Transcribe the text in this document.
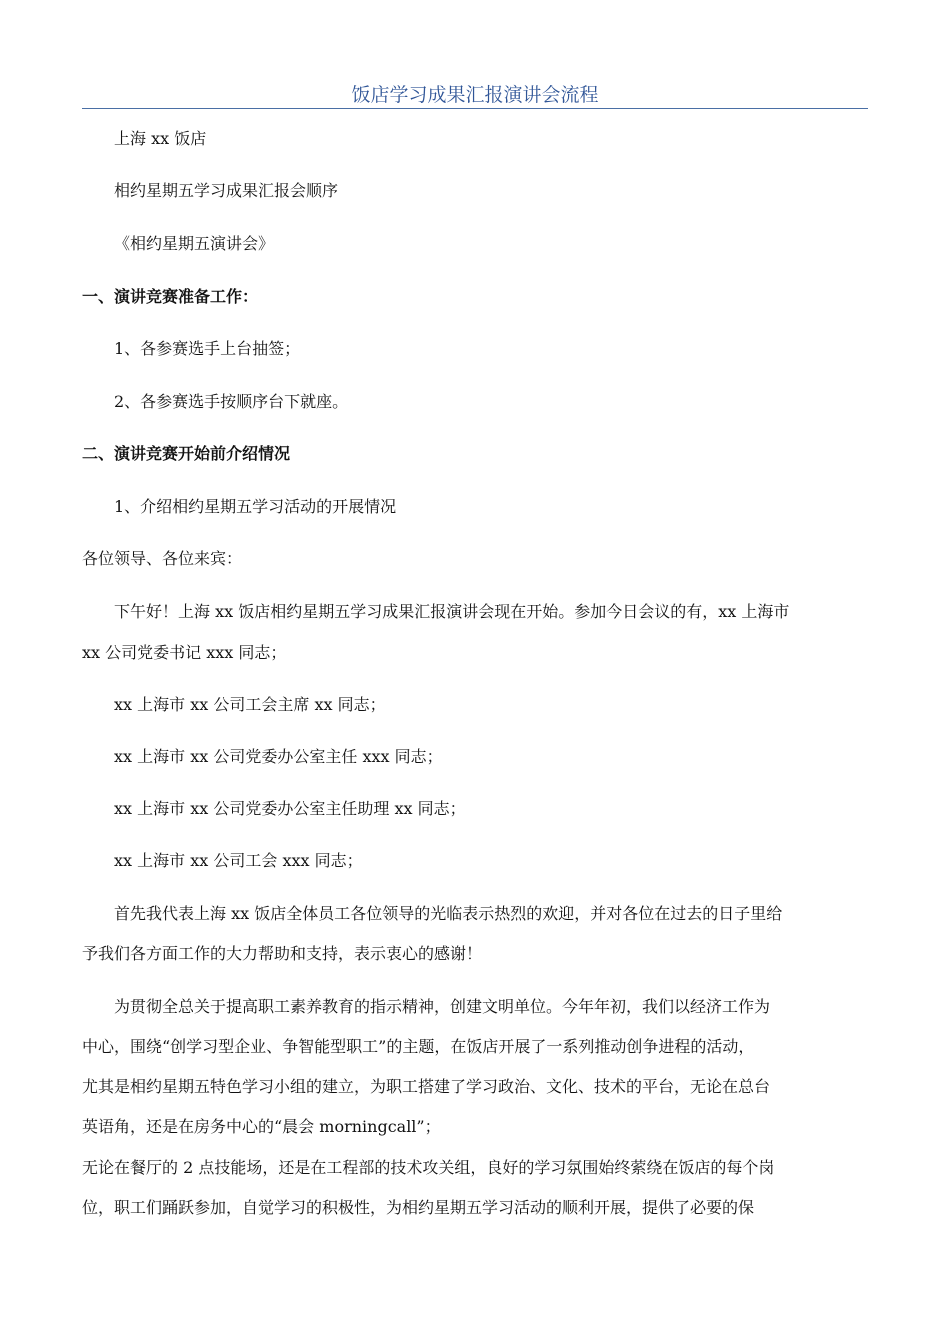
饭店学习成果汇报演讲会流程
上海 xx 饭店
相约星期五学习成果汇报会顺序
《相约星期五演讲会》
一、演讲竞赛准备工作：
1、各参赛选手上台抽签；
2、各参赛选手按顺序台下就座。
二、演讲竞赛开始前介绍情况
1、介绍相约星期五学习活动的开展情况
各位领导、各位来宾：
下午好！上海 xx 饭店相约星期五学习成果汇报演讲会现在开始。参加今日会议的有，xx 上海市
xx 公司党委书记 xxx 同志；
xx 上海市 xx 公司工会主席 xx 同志；
xx 上海市 xx 公司党委办公室主任 xxx 同志；
xx 上海市 xx 公司党委办公室主任助理 xx 同志；
xx 上海市 xx 公司工会 xxx 同志；
首先我代表上海 xx 饭店全体员工各位领导的光临表示热烈的欢迎，并对各位在过去的日子里给
予我们各方面工作的大力帮助和支持，表示衷心的感谢！
为贯彻全总关于提高职工素养教育的指示精神，创建文明单位。今年年初，我们以经济工作为
中心，围绕“创学习型企业、争智能型职工”的主题，在饭店开展了一系列推动创争进程的活动，
尤其是相约星期五特色学习小组的建立，为职工搭建了学习政治、文化、技术的平台，无论在总台
英语角，还是在房务中心的“晨会 morningcall”；
无论在餐厅的 2 点技能场，还是在工程部的技术攻关组，良好的学习氛围始终萦绕在饭店的每个岗
位，职工们踊跃参加，自觉学习的积极性，为相约星期五学习活动的顺利开展，提供了必要的保
